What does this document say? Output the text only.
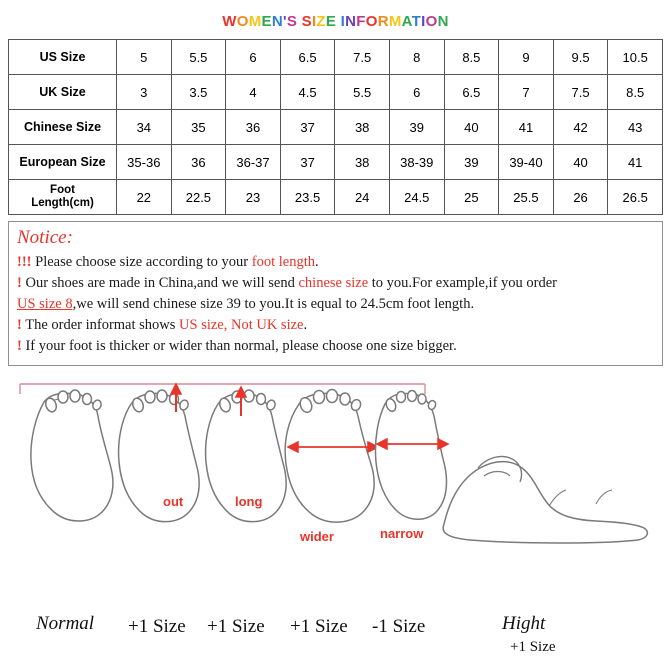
WOMEN'S SIZE INFORMATION
US Size	5	5.5	6	6.5	7.5	8	8.5	9	9.5	10.5

UK Size	3	3.5	4	4.5	5.5	6	6.5	7	7.5	8.5

Chinese Size	34	35	36	37	38	39	40	41	42	43

European Size	35-36	36	36-37	37	38	38-39	39	39-40	40	41

Foot
Length(cm)	22	22.5	23	23.5	24	24.5	25	25.5	26	26.5
Notice:
!!! Please choose size according to your foot length.
! Our shoes are made in China,and we will send chinese size to you.For example,if you order
US size 8,we will send chinese size 39 to you.It is equal to 24.5cm foot length.
! The order informat shows US size, Not UK size.
! If your foot is thicker or wider than normal, please choose one size bigger.
out	long
wider	narrow
Normal +1 Size +1 Size +1 Size -1 Size	Hight
+1 Size
